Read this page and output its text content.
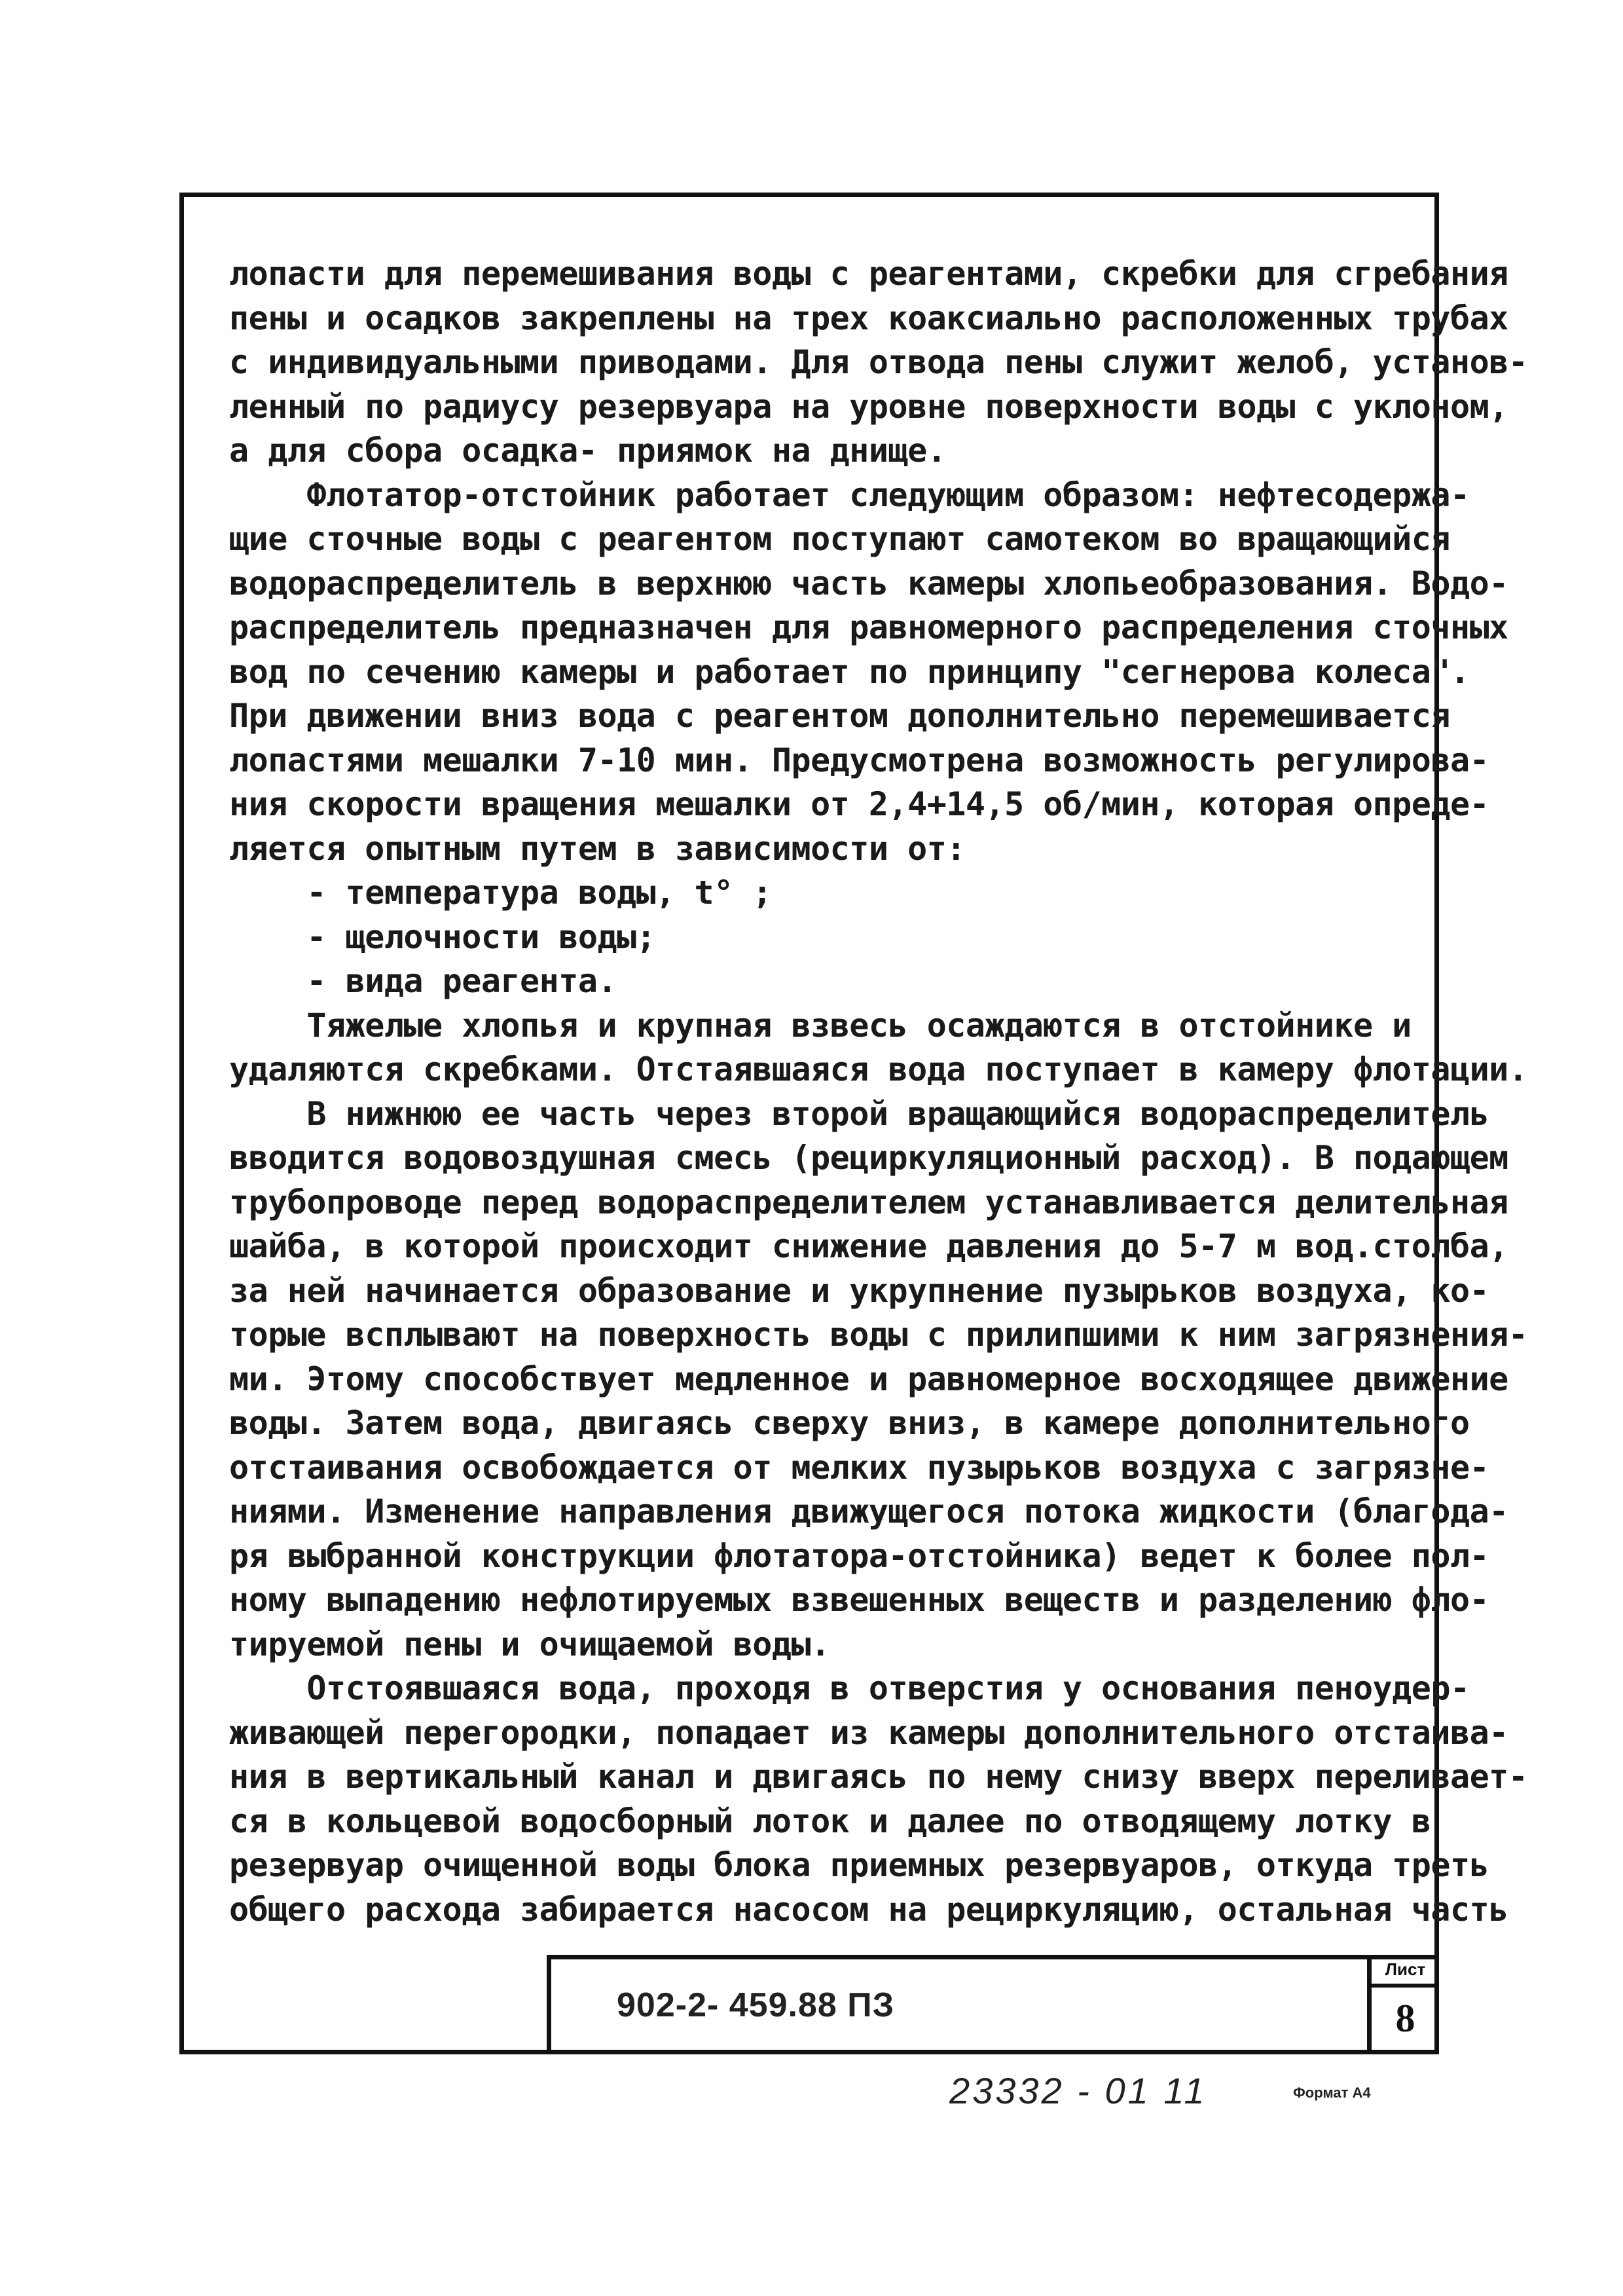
лопасти для перемешивания воды с реагентами, скребки для сгребания
пены и осадков закреплены на трех коаксиально расположенных трубах
с индивидуальными приводами. Для отвода пены служит желоб, установ-
ленный по радиусу резервуара на уровне поверхности воды с уклоном,
а для сбора осадка- приямок на днище.
Флотатор-отстойник работает следующим образом: нефтесодержа-
щие сточные воды с реагентом поступают самотеком во вращающийся
водораспределитель в верхнюю часть камеры хлопьеобразования. Водо-
распределитель предназначен для равномерного распределения сточных
вод по сечению камеры и работает по принципу "сегнерова колеса".
При движении вниз вода с реагентом дополнительно перемешивается
лопастями мешалки 7-10 мин. Предусмотрена возможность регулирова-
ния скорости вращения мешалки от 2,4+14,5 об/мин, которая опреде-
ляется опытным путем в зависимости от:
- температура воды, t° ;
- щелочности воды;
- вида реагента.
Тяжелые хлопья и крупная взвесь осаждаются в отстойнике и
удаляются скребками. Отстаявшаяся вода поступает в камеру флотации.
В нижнюю ее часть через второй вращающийся водораспределитель
вводится водовоздушная смесь (рециркуляционный расход). В подающем
трубопроводе перед водораспределителем устанавливается делительная
шайба, в которой происходит снижение давления до 5-7 м вод.столба,
за ней начинается образование и укрупнение пузырьков воздуха, ко-
торые всплывают на поверхность воды с прилипшими к ним загрязнения-
ми. Этому способствует медленное и равномерное восходящее движение
воды. Затем вода, двигаясь сверху вниз, в камере дополнительного
отстаивания освобождается от мелких пузырьков воздуха с загрязне-
ниями. Изменение направления движущегося потока жидкости (благода-
ря выбранной конструкции флотатора-отстойника) ведет к более пол-
ному выпадению нефлотируемых взвешенных веществ и разделению фло-
тируемой пены и очищаемой воды.
Отстоявшаяся вода, проходя в отверстия у основания пеноудер-
живающей перегородки, попадает из камеры дополнительного отстаива-
ния в вертикальный канал и двигаясь по нему снизу вверх переливает-
ся в кольцевой водосборный лоток и далее по отводящему лотку в
резервуар очищенной воды блока приемных резервуаров, откуда треть
общего расхода забирается насосом на рециркуляцию, остальная часть
902-2- 459.88 ПЗ
Лист
8
23332 - 01 11	Формат А4
